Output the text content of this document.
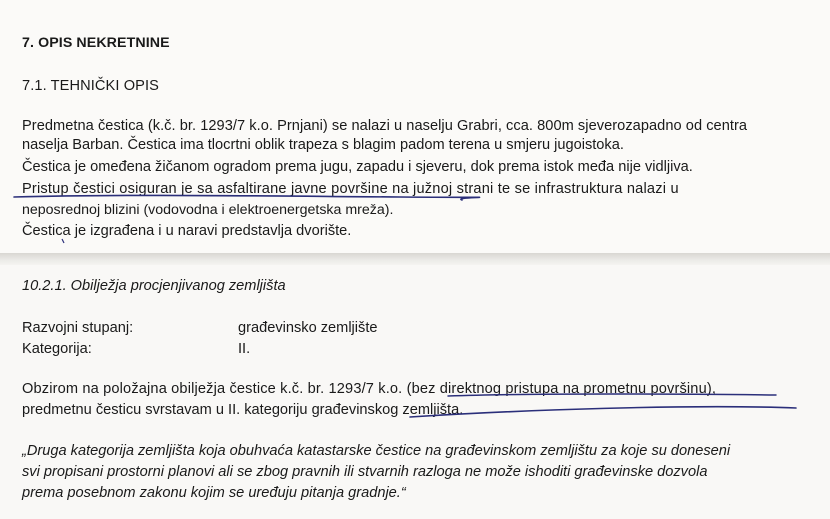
7. OPIS NEKRETNINE
7.1. TEHNIČKI OPIS
Predmetna čestica (k.č. br. 1293/7 k.o. Prnjani) se nalazi u naselju Grabri, cca. 800m sjeverozapadno od centra
naselja Barban. Čestica ima tlocrtni oblik trapeza s blagim padom terena u smjeru jugoistoka.
Čestica je omeđena žičanom ogradom prema jugu, zapadu i sjeveru, dok prema istok međa nije vidljiva.
Pristup čestici osiguran je sa asfaltirane javne površine na južnoj strani te se infrastruktura nalazi u
neposrednoj blizini (vodovodna i elektroenergetska mreža).
Čestica je izgrađena i u naravi predstavlja dvorište.
10.2.1. Obilježja procjenjivanog zemljišta
Razvojni stupanj:	građevinsko zemljište
Kategorija:	II.
Obzirom na položajna obilježja čestice k.č. br. 1293/7 k.o. (bez direktnog pristupa na prometnu površinu),
predmetnu česticu svrstavam u II. kategoriju građevinskog zemljišta.
„Druga kategorija zemljišta koja obuhvaća katastarske čestice na građevinskom zemljištu za koje su doneseni
svi propisani prostorni planovi ali se zbog pravnih ili stvarnih razloga ne može ishoditi građevinske dozvola
prema posebnom zakonu kojim se uređuju pitanja gradnje.“
